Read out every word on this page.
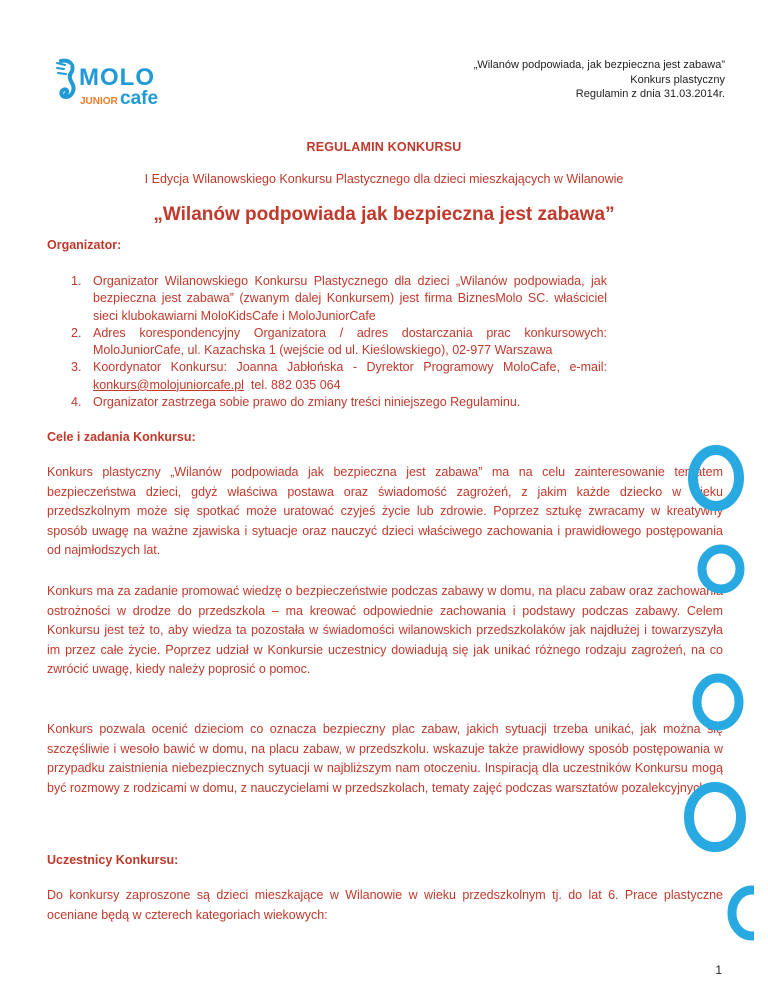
MOLO
JUNIOR cafe
„Wilanów podpowiada, jak bezpieczna jest zabawa”
Konkurs plastyczny
Regulamin z dnia 31.03.2014r.
REGULAMIN KONKURSU
I Edycja Wilanowskiego Konkursu Plastycznego dla dzieci mieszkających w Wilanowie
„Wilanów podpowiada jak bezpieczna jest zabawa”
Organizator:
1. Organizator Wilanowskiego Konkursu Plastycznego dla dzieci „Wilanów podpowiada, jak bezpieczna jest zabawa” (zwanym dalej Konkursem) jest firma BiznesMolo SC. właściciel sieci klubokawiarni MoloKidsCafe i MoloJuniorCafe
2. Adres korespondencyjny Organizatora / adres dostarczania prac konkursowych: MoloJuniorCafe, ul. Kazachska 1 (wejście od ul. Kieślowskiego), 02-977 Warszawa
3. Koordynator Konkursu: Joanna Jabłońska - Dyrektor Programowy MoloCafe, e-mail: konkurs@molojuniorcafe.pl  tel. 882 035 064
4. Organizator zastrzega sobie prawo do zmiany treści niniejszego Regulaminu.
Cele i zadania Konkursu:

Konkurs plastyczny „Wilanów podpowiada jak bezpieczna jest zabawa” ma na celu zainteresowanie tematem bezpieczeństwa dzieci, gdyż właściwa postawa oraz świadomość zagrożeń, z jakim każde dziecko w wieku przedszkolnym może się spotkać może uratować czyjeś życie lub zdrowie. Poprzez sztukę zwracamy w kreatywny sposób uwagę na ważne zjawiska i sytuacje oraz nauczyć dzieci właściwego zachowania i prawidłowego postępowania od najmłodszych lat.

Konkurs ma za zadanie promować wiedzę o bezpieczeństwie podczas zabawy w domu, na placu zabaw oraz zachowania ostrożności w drodze do przedszkola – ma kreować odpowiednie zachowania i podstawy podczas zabawy. Celem Konkursu jest też to, aby wiedza ta pozostała w świadomości wilanowskich przedszkolaków jak najdłużej i towarzyszyła im przez całe życie. Poprzez udział w Konkursie uczestnicy dowiadują się jak unikać różnego rodzaju zagrożeń, na co zwrócić uwagę, kiedy należy poprosić o pomoc.

Konkurs pozwala ocenić dzieciom co oznacza bezpieczny plac zabaw, jakich sytuacji trzeba unikać, jak można się szczęśliwie i wesoło bawić w domu, na placu zabaw, w przedszkolu. wskazuje także prawidłowy sposób postępowania w przypadku zaistnienia niebezpiecznych sytuacji w najbliższym nam otoczeniu. Inspiracją dla uczestników Konkursu mogą być rozmowy z rodzicami w domu, z nauczycielami w przedszkolach, tematy zajęć podczas warsztatów pozalekcyjnych.

Uczestnicy Konkursu:

Do konkursy zaproszone są dzieci mieszkające w Wilanowie w wieku przedszkolnym tj. do lat 6. Prace plastyczne oceniane będą w czterech kategoriach wiekowych:

1
